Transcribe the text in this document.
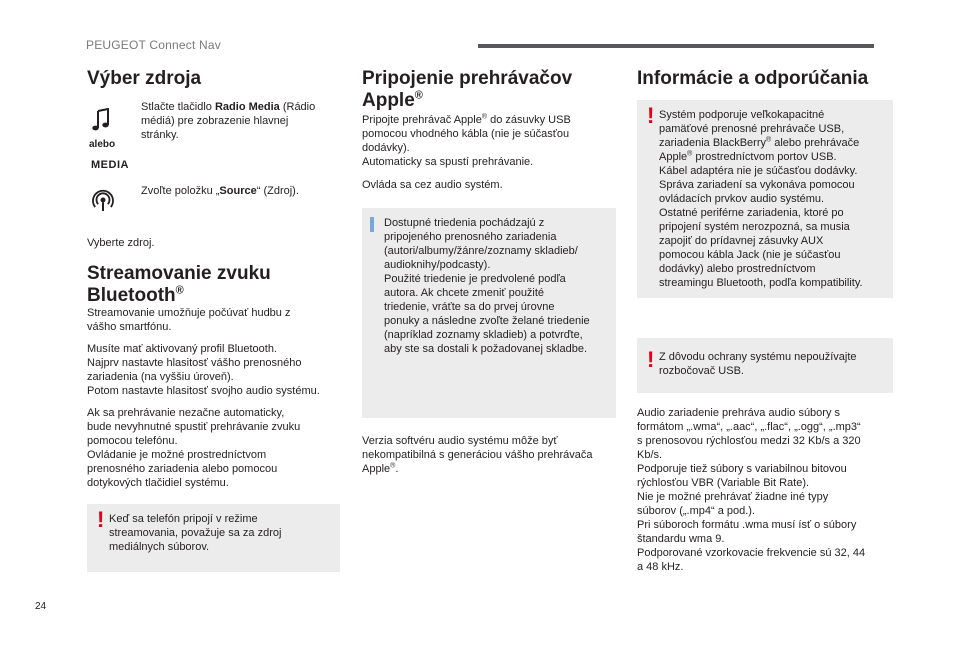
PEUGEOT Connect Nav
Výber zdroja

alebo

MEDIA

Stlačte tlačidlo Radio Media (Rádio
médiá) pre zobrazenie hlavnej
stránky.

Zvoľte položku „Source“ (Zdroj).

Vyberte zdroj.

Streamovanie zvuku
Bluetooth®

Streamovanie umožňuje počúvať hudbu z
vášho smartfónu.

Musíte mať aktivovaný profil Bluetooth.
Najprv nastavte hlasitosť vášho prenosného
zariadenia (na vyššiu úroveň).
Potom nastavte hlasitosť svojho audio systému.

Ak sa prehrávanie nezačne automaticky,
bude nevyhnutné spustiť prehrávanie zvuku
pomocou telefónu.
Ovládanie je možné prostredníctvom
prenosného zariadenia alebo pomocou
dotykových tlačidiel systému.

! Keď sa telefón pripojí v režime
streamovania, považuje sa za zdroj
mediálnych súborov.

Pripojenie prehrávačov
Apple®

Pripojte prehrávač Apple® do zásuvky USB
pomocou vhodného kábla (nie je súčasťou
dodávky).
Automaticky sa spustí prehrávanie.

Ovláda sa cez audio systém.

Verzia softvéru audio systému môže byť
nekompatibilná s generáciou vášho prehrávača
Apple®.

Dostupné triedenia pochádzajú z
pripojeného prenosného zariadenia
(autori/albumy/žánre/zoznamy skladieb/
audioknihy/podcasty).
Použité triedenie je predvolené podľa
autora. Ak chcete zmeniť použité
triedenie, vráťte sa do prvej úrovne
ponuky a následne zvoľte želané triedenie
(napríklad zoznamy skladieb) a potvrďte,
aby ste sa dostali k požadovanej skladbe.

Informácie a odporúčania

Audio zariadenie prehráva audio súbory s
formátom „.wma“, „.aac“, „.flac“, „.ogg“, „.mp3“
s prenosovou rýchlosťou medzi 32 Kb/s a 320
Kb/s.
Podporuje tiež súbory s variabilnou bitovou
rýchlosťou VBR (Variable Bit Rate).
Nie je možné prehrávať žiadne iné typy
súborov („.mp4“ a pod.).
Pri súboroch formátu .wma musí ísť o súbory
štandardu wma 9.
Podporované vzorkovacie frekvencie sú 32, 44
a 48 kHz.

! Systém podporuje veľkokapacitné
pamäťové prenosné prehrávače USB,
zariadenia BlackBerry® alebo prehrávače
Apple® prostredníctvom portov USB.
Kábel adaptéra nie je súčasťou dodávky.
Správa zariadení sa vykonáva pomocou
ovládacích prvkov audio systému.
Ostatné periférne zariadenia, ktoré po
pripojení systém nerozpozná, sa musia
zapojiť do prídavnej zásuvky AUX
pomocou kábla Jack (nie je súčasťou
dodávky) alebo prostredníctvom
streamingu Bluetooth, podľa kompatibility.

! Z dôvodu ochrany systému nepoužívajte
rozbočovač USB.

24
